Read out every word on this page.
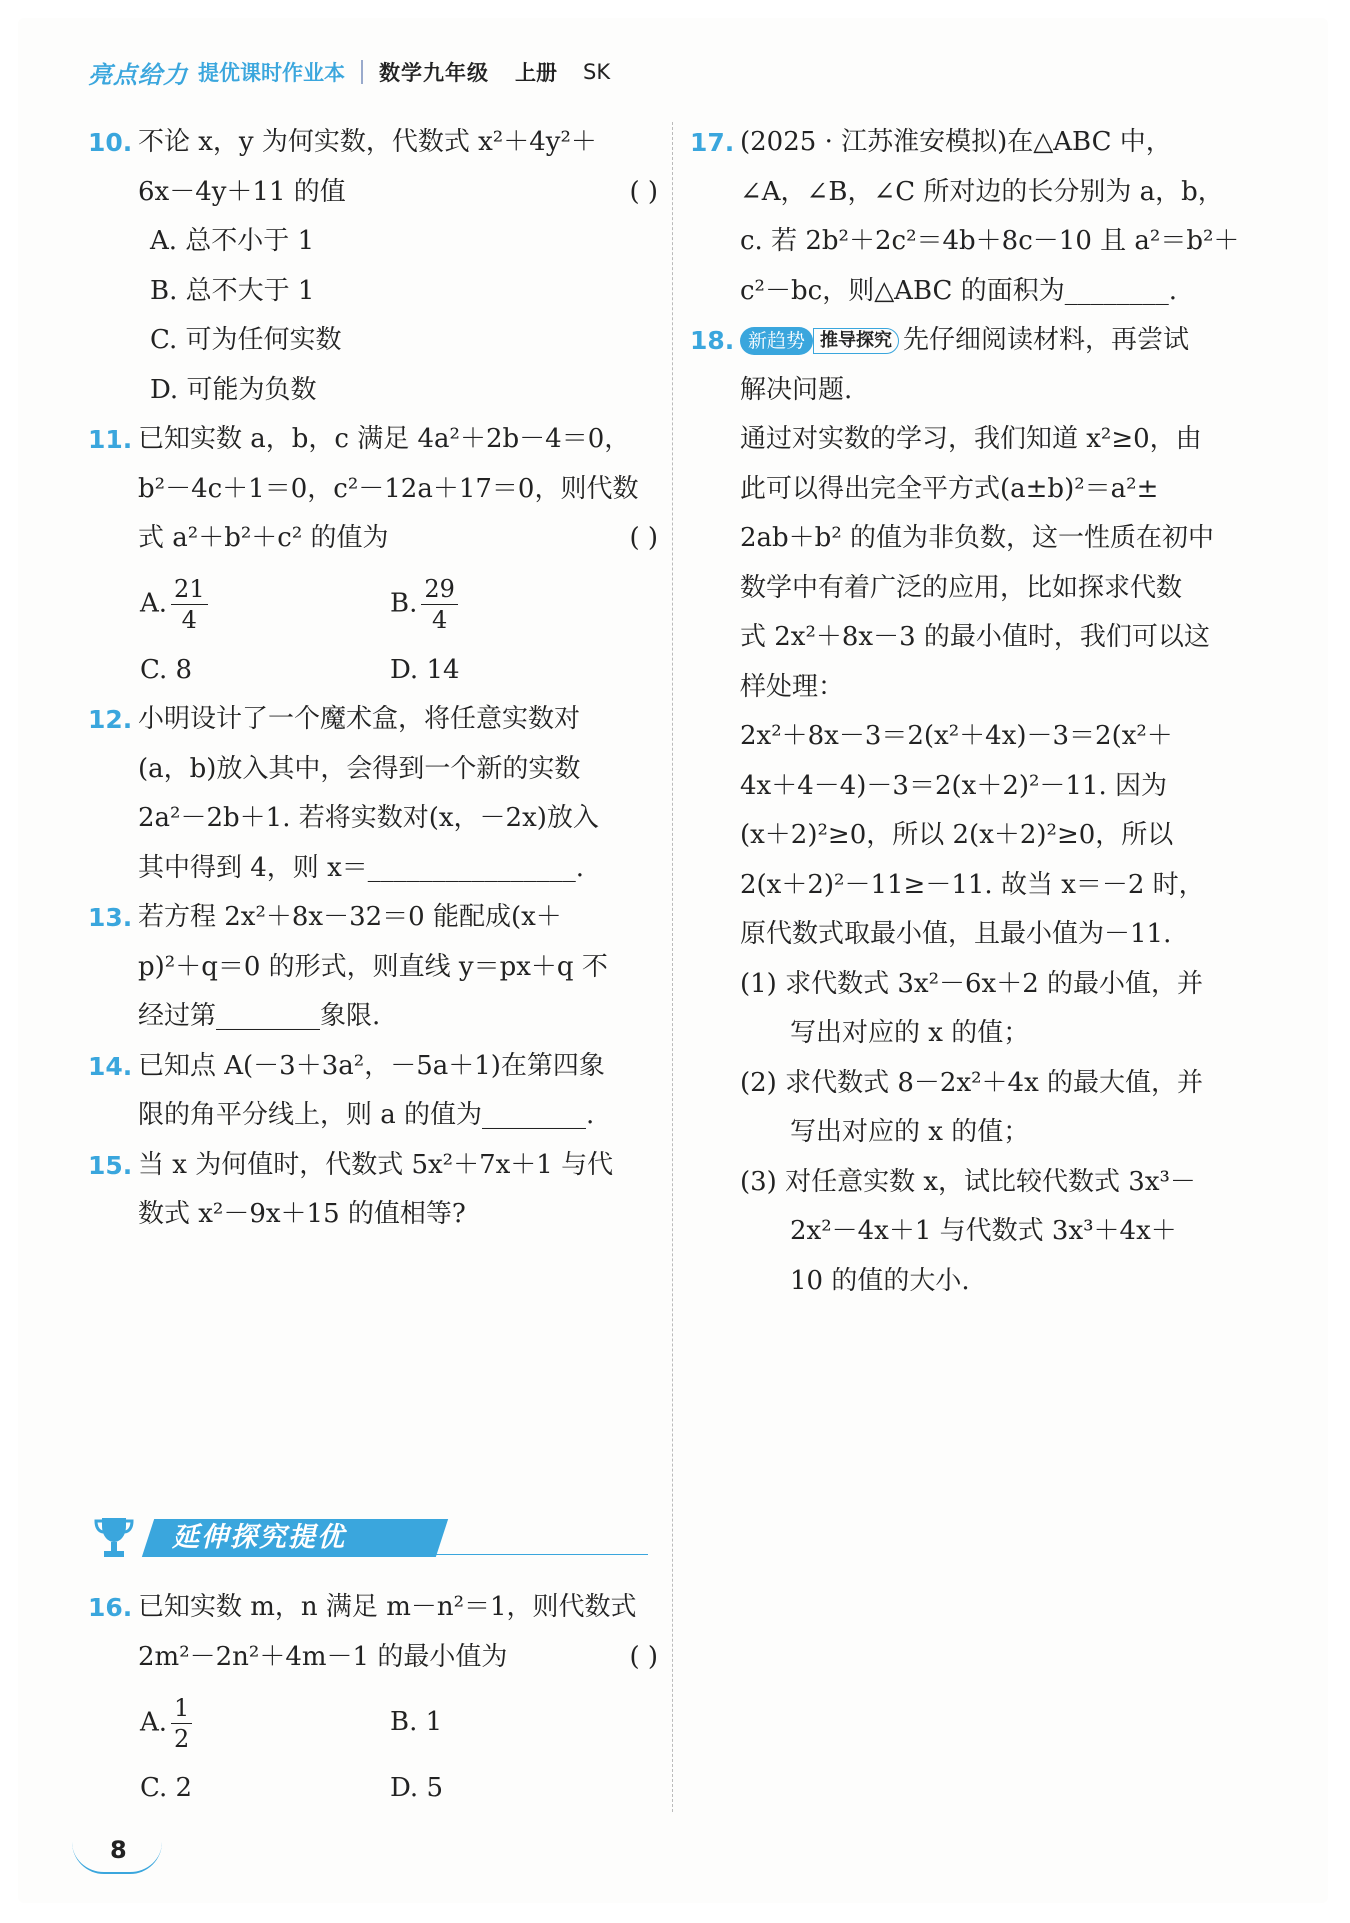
亮点给力 提优课时作业本 数学九年级 上册 SK
10. 不论 x，y 为何实数，代数式 x²＋4y²＋
6x－4y＋11 的值	( )
A. 总不小于 1
B. 总不大于 1
C. 可为任何实数
D. 可能为负数
11. 已知实数 a，b，c 满足 4a²＋2b－4＝0，
b²－4c＋1＝0，c²－12a＋17＝0，则代数
式 a²＋b²＋c² 的值为	( )
A. $\frac{21}{4}$	B. $\frac{29}{4}$
C. 8	D. 14
12. 小明设计了一个魔术盒，将任意实数对
(a，b)放入其中，会得到一个新的实数
2a²－2b＋1. 若将实数对(x，－2x)放入
其中得到 4，则 x＝________________.
13. 若方程 2x²＋8x－32＝0 能配成(x＋
p)²＋q＝0 的形式，则直线 y＝px＋q 不
经过第________象限.
14. 已知点 A(－3＋3a²，－5a＋1)在第四象
限的角平分线上，则 a 的值为________.
15. 当 x 为何值时，代数式 5x²＋7x＋1 与代
数式 x²－9x＋15 的值相等?
延伸探究提优
16. 已知实数 m，n 满足 m－n²＝1，则代数式
2m²－2n²＋4m－1 的最小值为	( )
A. $\frac{1}{2}$	B. 1
C. 2	D. 5
17. (2025 · 江苏淮安模拟)在△ABC 中，
∠A，∠B，∠C 所对边的长分别为 a，b，
c. 若 2b²＋2c²＝4b＋8c－10 且 a²＝b²＋
c²－bc，则△ABC 的面积为________.
18. 新趋势 推导探究 先仔细阅读材料，再尝试
解决问题.
通过对实数的学习，我们知道 x²≥0，由
此可以得出完全平方式(a±b)²＝a²±
2ab＋b² 的值为非负数，这一性质在初中
数学中有着广泛的应用，比如探求代数
式 2x²＋8x－3 的最小值时，我们可以这
样处理：
2x²＋8x－3＝2(x²＋4x)－3＝2(x²＋
4x＋4－4)－3＝2(x＋2)²－11. 因为
(x＋2)²≥0，所以 2(x＋2)²≥0，所以
2(x＋2)²－11≥－11. 故当 x＝－2 时，
原代数式取最小值，且最小值为－11.
(1) 求代数式 3x²－6x＋2 的最小值，并
写出对应的 x 的值；
(2) 求代数式 8－2x²＋4x 的最大值，并
写出对应的 x 的值；
(3) 对任意实数 x，试比较代数式 3x³－
2x²－4x＋1 与代数式 3x³＋4x＋
10 的值的大小.
8
